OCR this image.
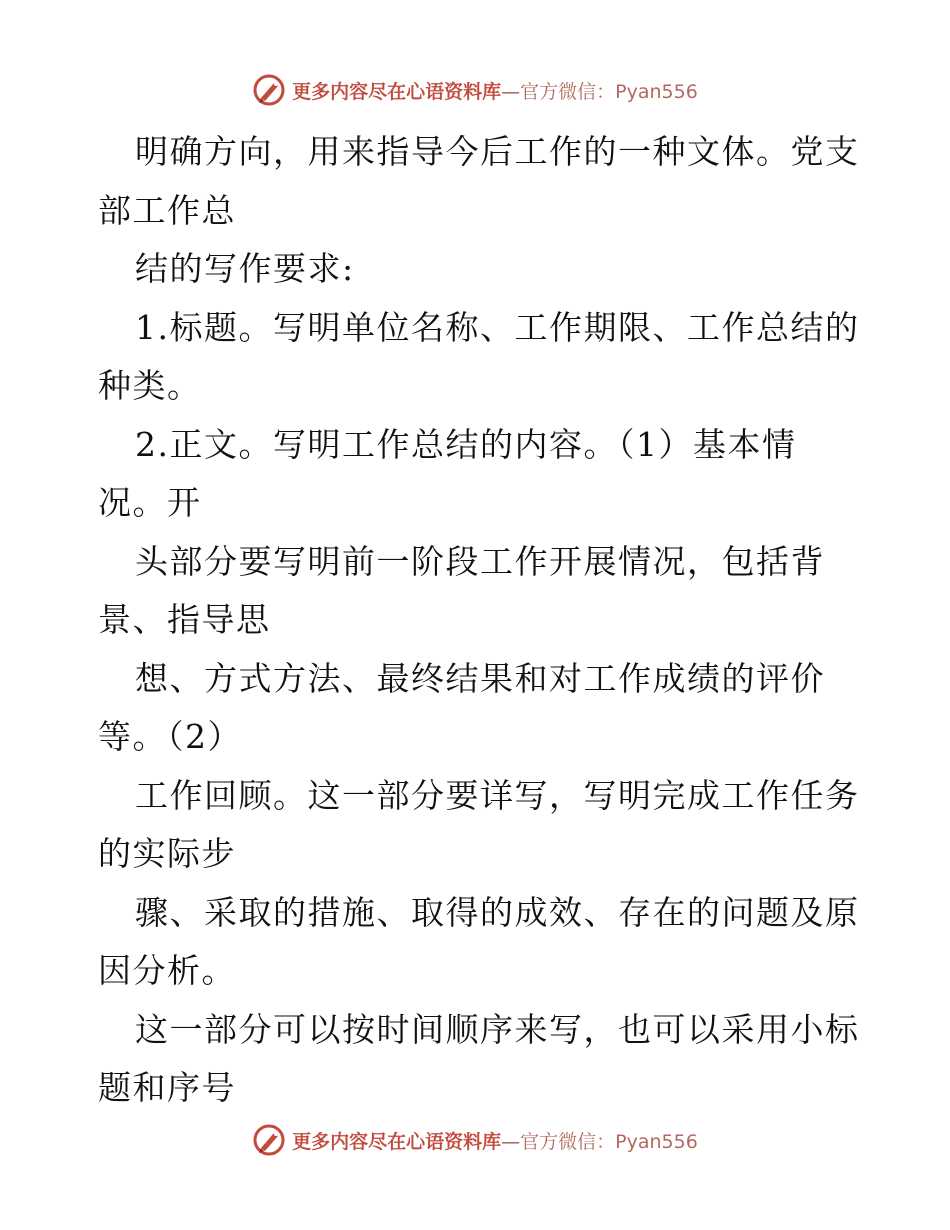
更多内容尽在心语资料库—官方微信：Pyan556
明确方向，用来指导今后工作的一种文体。党支
部工作总
结的写作要求:
1.标题。写明单位名称、工作期限、工作总结的
种类。
2.正文。写明工作总结的内容。（1）基本情
况。开
头部分要写明前一阶段工作开展情况，包括背
景、指导思
想、方式方法、最终结果和对工作成绩的评价
等。（2）
工作回顾。这一部分要详写，写明完成工作任务
的实际步
骤、采取的措施、取得的成效、存在的问题及原
因分析。
这一部分可以按时间顺序来写，也可以采用小标
题和序号
更多内容尽在心语资料库—官方微信：Pyan556
